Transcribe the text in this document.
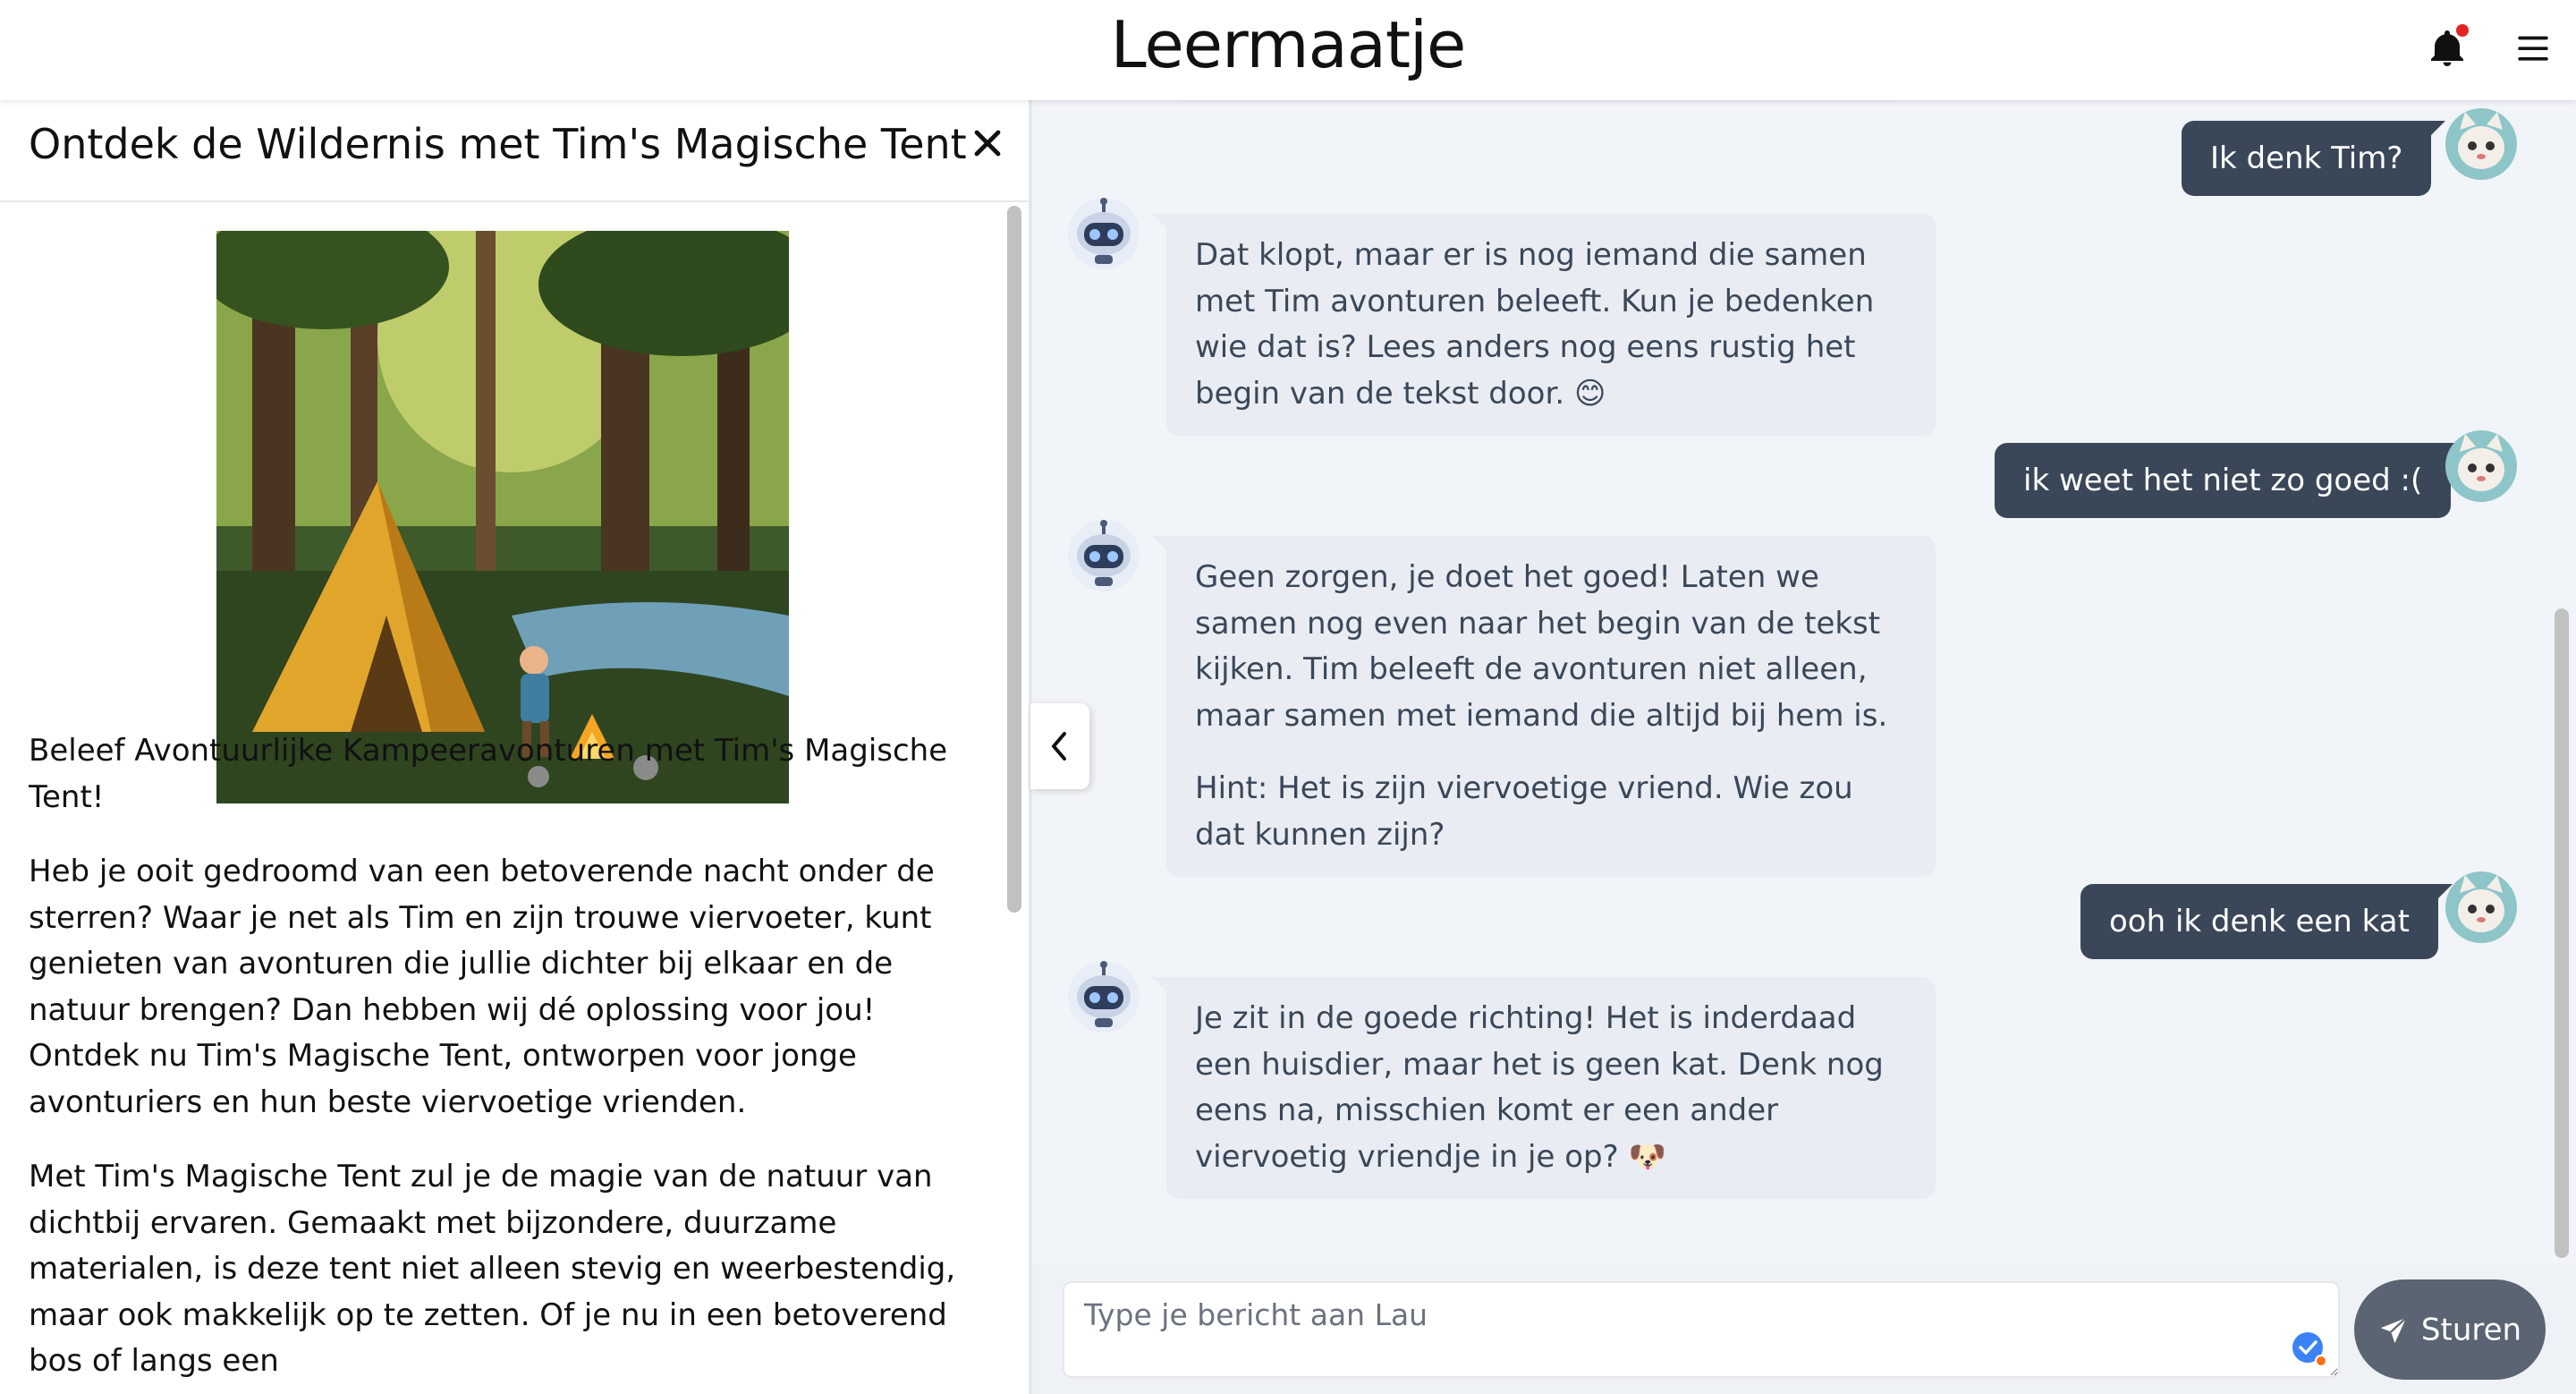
Leermaatje
Ontdek de Wildernis met Tim's Magische Tent

Beleef Avontuurlijke Kampeeravonturen met Tim's Magische Tent!

Heb je ooit gedroomd van een betoverende nacht onder de sterren? Waar je net als Tim en zijn trouwe viervoeter, kunt genieten van avonturen die jullie dichter bij elkaar en de natuur brengen? Dan hebben wij dé oplossing voor jou! Ontdek nu Tim's Magische Tent, ontworpen voor jonge avonturiers en hun beste viervoetige vrienden.

Met Tim's Magische Tent zul je de magie van de natuur van dichtbij ervaren. Gemaakt met bijzondere, duurzame materialen, is deze tent niet alleen stevig en weerbestendig, maar ook makkelijk op te zetten. Of je nu in een betoverend bos of langs een

Ik denk Tim?

Dat klopt, maar er is nog iemand die samen met Tim avonturen beleeft. Kun je bedenken wie dat is? Lees anders nog eens rustig het begin van de tekst door. 😊

ik weet het niet zo goed :(

Geen zorgen, je doet het goed! Laten we samen nog even naar het begin van de tekst kijken. Tim beleeft de avonturen niet alleen, maar samen met iemand die altijd bij hem is.

Hint: Het is zijn viervoetige vriend. Wie zou dat kunnen zijn?

ooh ik denk een kat

Je zit in de goede richting! Het is inderdaad een huisdier, maar het is geen kat. Denk nog eens na, misschien komt er een ander viervoetig vriendje in je op? 🐶

Type je bericht aan Lau
Sturen
